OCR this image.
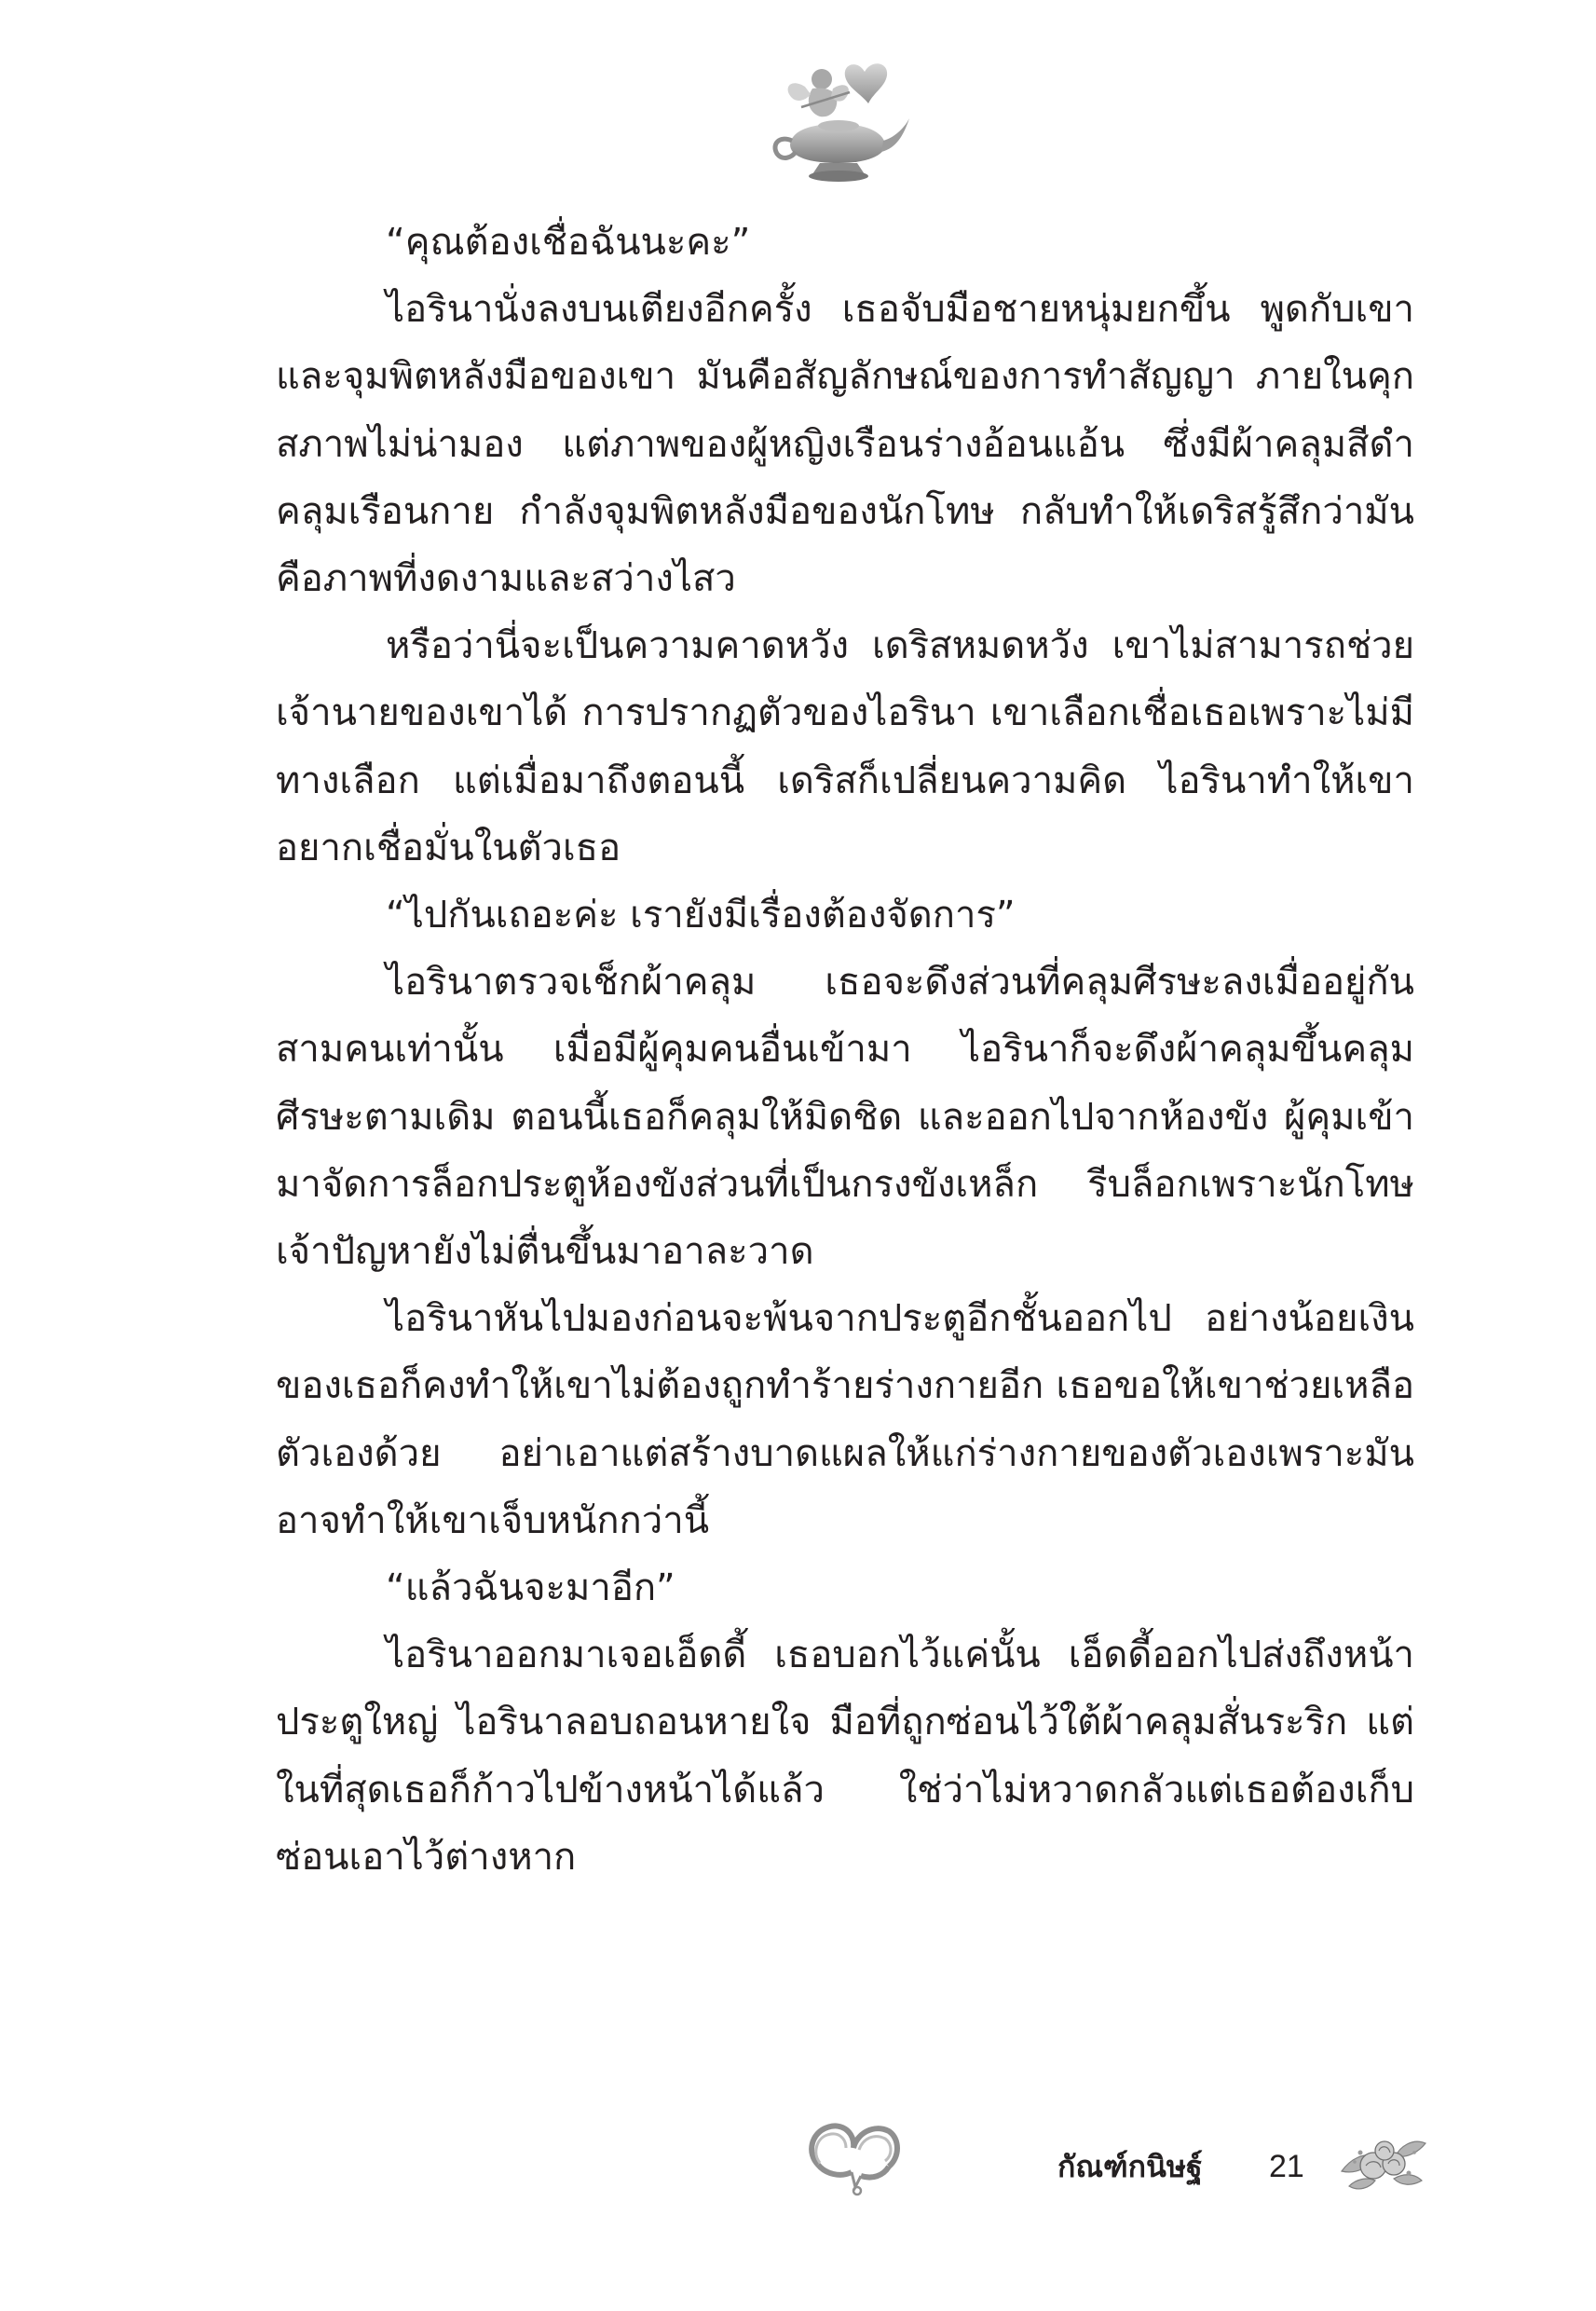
“คุณต้องเชื่อฉันนะคะ”

ไอรินานั่งลงบนเตียงอีกครั้ง เธอจับมือชายหนุ่มยกขึ้น พูดกับเขาและจุมพิตหลังมือของเขา มันคือสัญลักษณ์ของการทำสัญญา ภายในคุก สภาพไม่น่ามอง แต่ภาพของผู้หญิงเรือนร่างอ้อนแอ้น ซึ่งมีผ้าคลุมสีดำคลุมเรือนกาย กำลังจุมพิตหลังมือของนักโทษ กลับทำให้เดริสรู้สึกว่ามันคือภาพที่งดงามและสว่างไสว

หรือว่านี่จะเป็นความคาดหวัง เดริสหมดหวัง เขาไม่สามารถช่วยเจ้านายของเขาได้ การปรากฏตัวของไอรินา เขาเลือกเชื่อเธอเพราะไม่มีทางเลือก แต่เมื่อมาถึงตอนนี้ เดริสก็เปลี่ยนความคิด ไอรินาทำให้เขาอยากเชื่อมั่นในตัวเธอ

“ไปกันเถอะค่ะ เรายังมีเรื่องต้องจัดการ”

ไอรินาตรวจเช็กผ้าคลุม เธอจะดึงส่วนที่คลุมศีรษะลงเมื่ออยู่กันสามคนเท่านั้น เมื่อมีผู้คุมคนอื่นเข้ามา ไอรินาก็จะดึงผ้าคลุมขึ้นคลุมศีรษะตามเดิม ตอนนี้เธอก็คลุมให้มิดชิด และออกไปจากห้องขัง ผู้คุมเข้ามาจัดการล็อกประตูห้องขังส่วนที่เป็นกรงขังเหล็ก รีบล็อกเพราะนักโทษเจ้าปัญหายังไม่ตื่นขึ้นมาอาละวาด

ไอรินาหันไปมองก่อนจะพ้นจากประตูอีกชั้นออกไป อย่างน้อยเงินของเธอก็คงทำให้เขาไม่ต้องถูกทำร้ายร่างกายอีก เธอขอให้เขาช่วยเหลือตัวเองด้วย อย่าเอาแต่สร้างบาดแผลให้แก่ร่างกายของตัวเองเพราะมันอาจทำให้เขาเจ็บหนักกว่านี้

“แล้วฉันจะมาอีก”

ไอรินาออกมาเจอเอ็ดดี้ เธอบอกไว้แค่นั้น เอ็ดดี้ออกไปส่งถึงหน้าประตูใหญ่ ไอรินาลอบถอนหายใจ มือที่ถูกซ่อนไว้ใต้ผ้าคลุมสั่นระริก แต่ในที่สุดเธอก็ก้าวไปข้างหน้าได้แล้ว ใช่ว่าไม่หวาดกลัวแต่เธอต้องเก็บซ่อนเอาไว้ต่างหาก

กัณฑ์กนิษฐ์ 21
